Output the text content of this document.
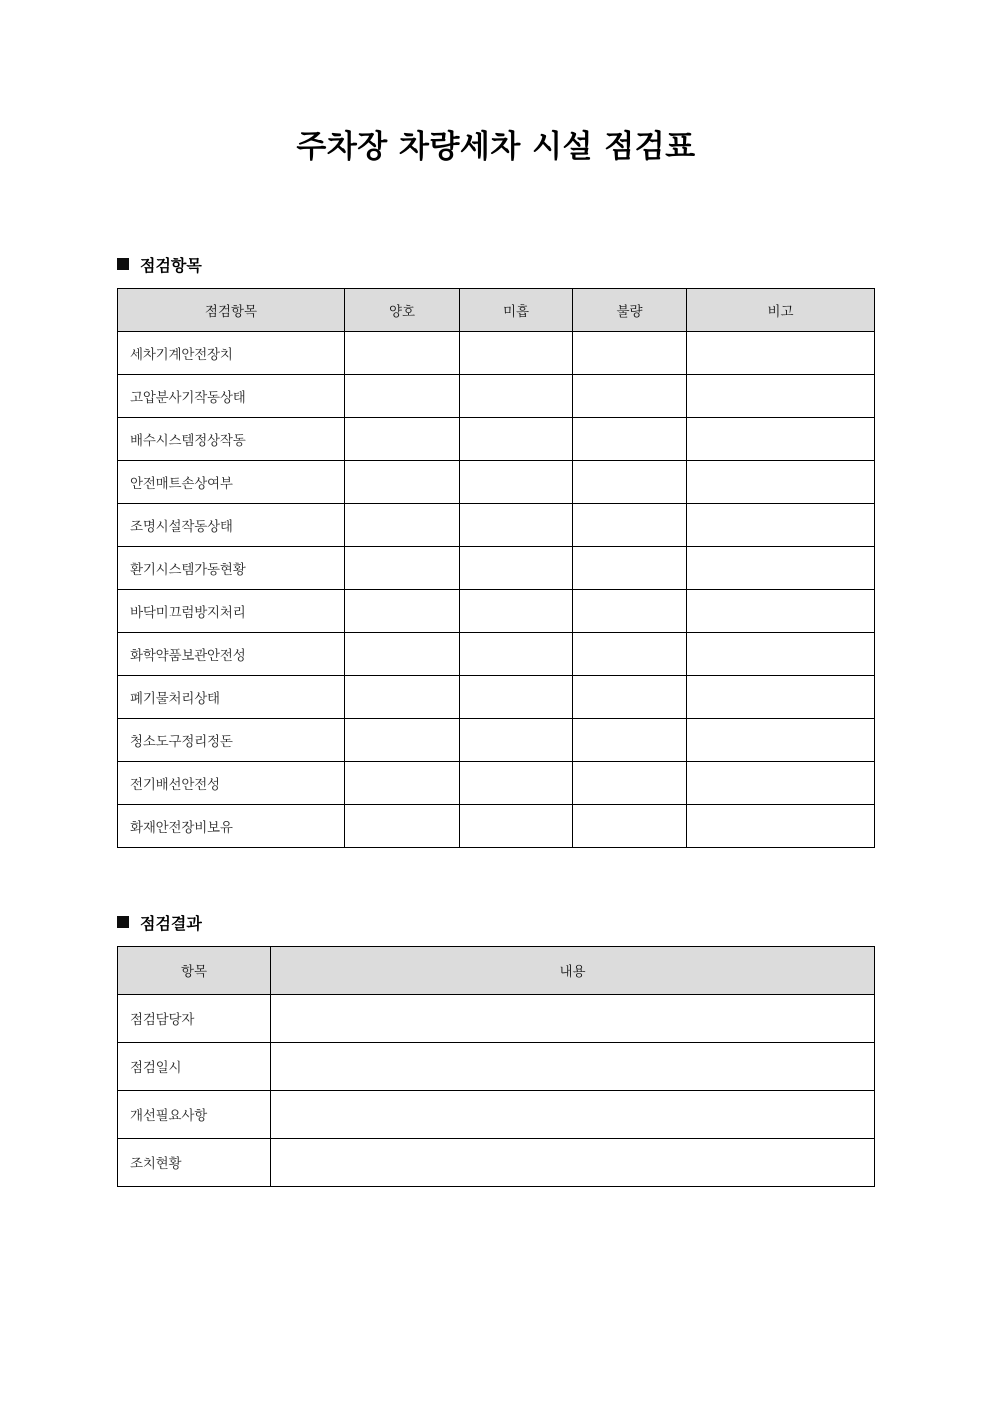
주차장 차량세차 시설 점검표
점검항목
점검항목	양호	미흡	불량	비고
세차기계안전장치				
고압분사기작동상태				
배수시스템정상작동				
안전매트손상여부				
조명시설작동상태				
환기시스템가동현황				
바닥미끄럼방지처리				
화학약품보관안전성				
폐기물처리상태				
청소도구정리정돈				
전기배선안전성				
화재안전장비보유				
점검결과
항목	내용
점검담당자	
점검일시	
개선필요사항	
조치현황	
